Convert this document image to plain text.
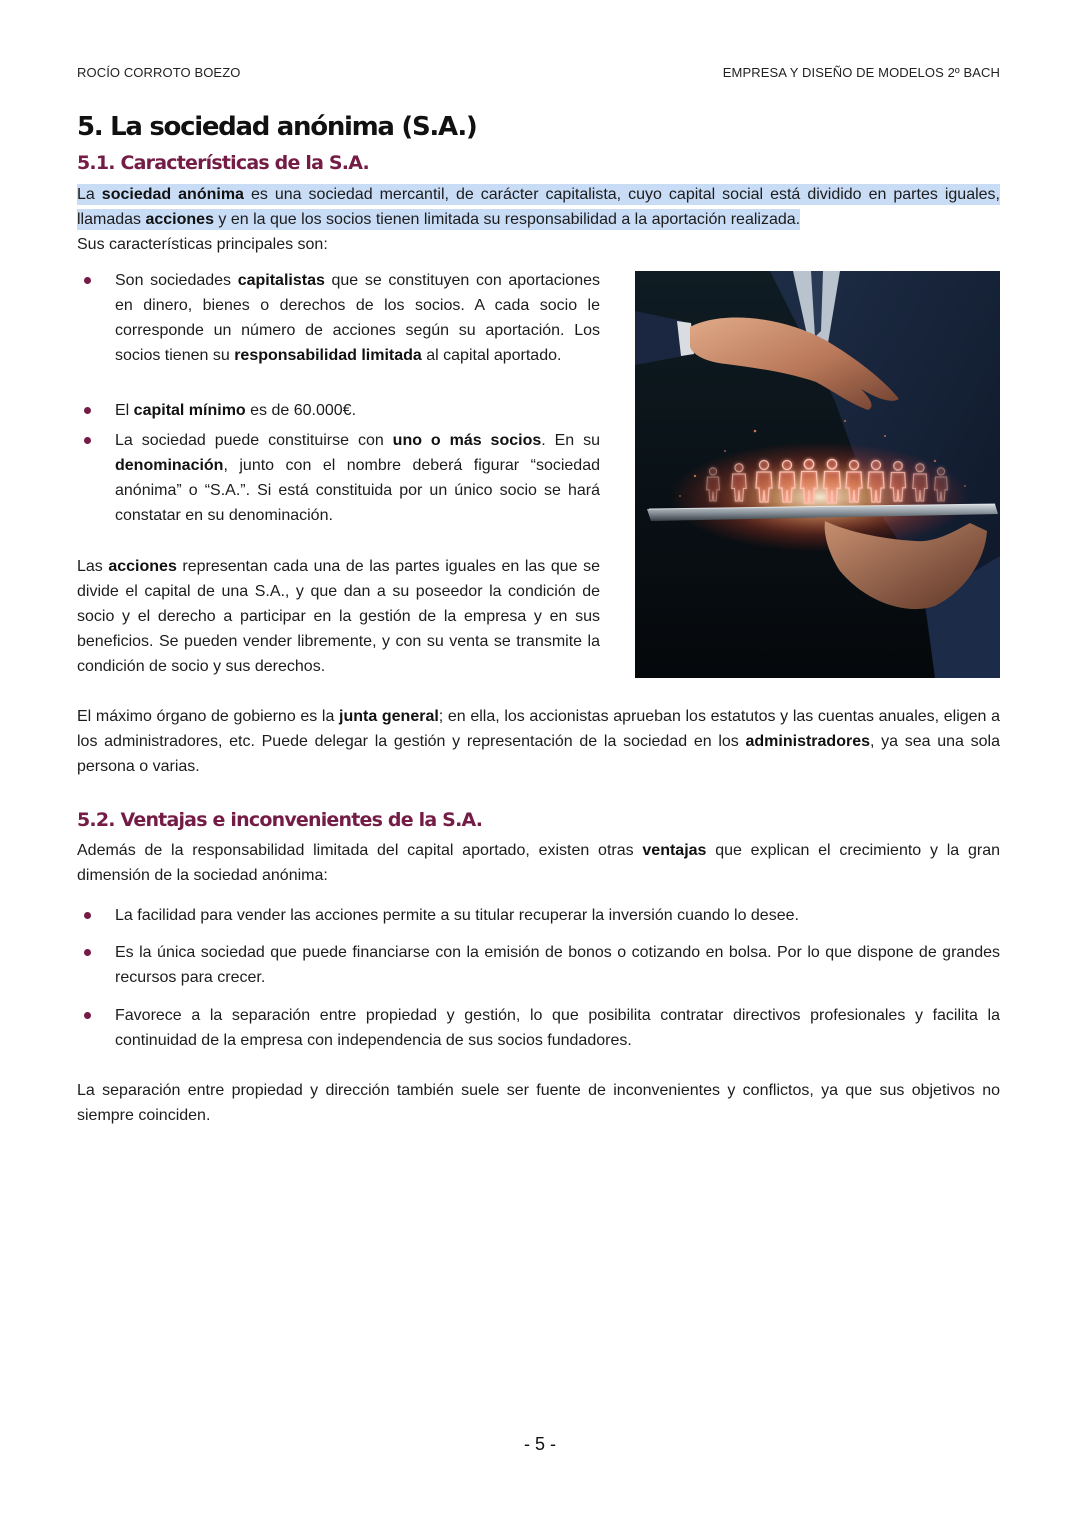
ROCÍO CORROTO BOEZO	EMPRESA Y DISEÑO DE MODELOS 2º BACH
5. La sociedad anónima (S.A.)
5.1. Características de la S.A.

La sociedad anónima es una sociedad mercantil, de carácter capitalista, cuyo capital social está dividido en partes iguales, llamadas acciones y en la que los socios tienen limitada su responsabilidad a la aportación realizada.

Sus características principales son:

Son sociedades capitalistas que se constituyen con aportaciones en dinero, bienes o derechos de los socios. A cada socio le corresponde un número de acciones según su aportación. Los socios tienen su responsabilidad limitada al capital aportado.

El capital mínimo es de 60.000€.

La sociedad puede constituirse con uno o más socios. En su denominación, junto con el nombre deberá figurar “sociedad anónima” o “S.A.”. Si está constituida por un único socio se hará constatar en su denominación.

Las acciones representan cada una de las partes iguales en las que se divide el capital de una S.A., y que dan a su poseedor la condición de socio y el derecho a participar en la gestión de la empresa y en sus beneficios. Se pueden vender libremente, y con su venta se transmite la condición de socio y sus derechos.

El máximo órgano de gobierno es la junta general; en ella, los accionistas aprueban los estatutos y las cuentas anuales, eligen a los administradores, etc. Puede delegar la gestión y representación de la sociedad en los administradores, ya sea una sola persona o varias.

5.2. Ventajas e inconvenientes de la S.A.

Además de la responsabilidad limitada del capital aportado, existen otras ventajas que explican el crecimiento y la gran dimensión de la sociedad anónima:

La facilidad para vender las acciones permite a su titular recuperar la inversión cuando lo desee.

Es la única sociedad que puede financiarse con la emisión de bonos o cotizando en bolsa. Por lo que dispone de grandes recursos para crecer.

Favorece a la separación entre propiedad y gestión, lo que posibilita contratar directivos profesionales y facilita la continuidad de la empresa con independencia de sus socios fundadores.

La separación entre propiedad y dirección también suele ser fuente de inconvenientes y conflictos, ya que sus objetivos no siempre coinciden.

- 5 -
